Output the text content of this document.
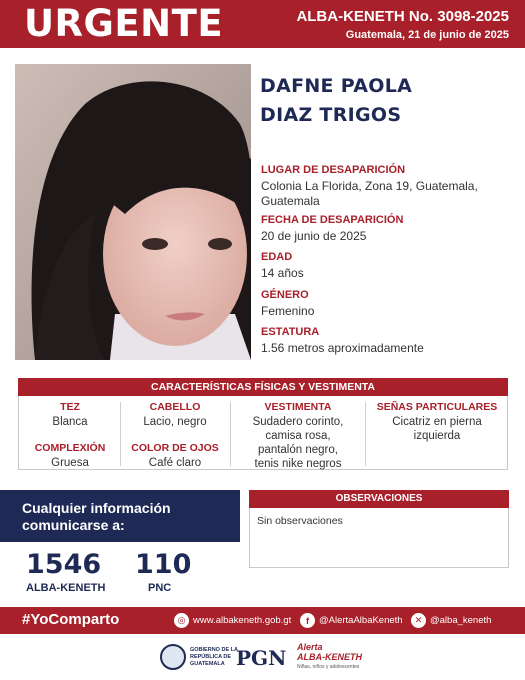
URGENTE	ALBA-KENETH No. 3098-2025
Guatemala, 21 de junio de 2025
DAFNE PAOLA
DIAZ TRIGOS
LUGAR DE DESAPARICIÓN
Colonia La Florida, Zona 19, Guatemala, Guatemala
FECHA DE DESAPARICIÓN
20 de junio de 2025
EDAD
14 años
GÉNERO
Femenino
ESTATURA
1.56 metros aproximadamente
CARACTERÍSTICAS FÍSICAS Y VESTIMENTA
TEZ
Blanca
COMPLEXIÓN
Gruesa
CABELLO
Lacio, negro
COLOR DE OJOS
Café claro
VESTIMENTA
Sudadero corinto, camisa rosa, pantalón negro, tenis nike negros
SEÑAS PARTICULARES
Cicatriz en pierna izquierda
Cualquier información
comunicarse a:
1546
ALBA-KENETH
110
PNC
OBSERVACIONES
Sin observaciones
#YoComparto	◎ www.albakeneth.gob.gt	f	@AlertaAlbaKeneth	✕ @alba_keneth
GOBIERNO DE LA REPÚBLICA DE GUATEMALA PGN Alerta
ALBA-KENETH
Niñas, niños y adolescentes
